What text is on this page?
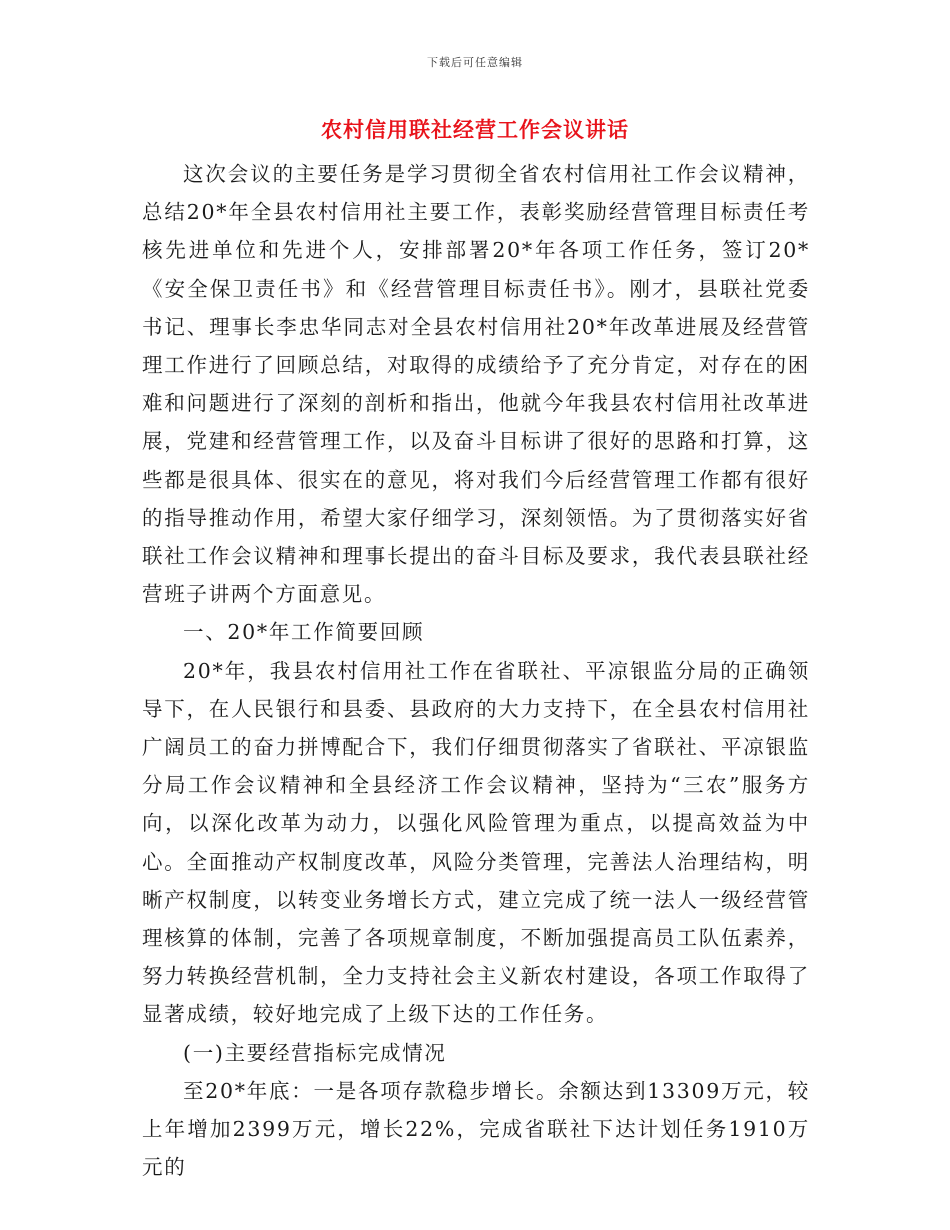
下载后可任意编辑
农村信用联社经营工作会议讲话

这次会议的主要任务是学习贯彻全省农村信用社工作会议精神，总结20*年全县农村信用社主要工作，表彰奖励经营管理目标责任考核先进单位和先进个人，安排部署20*年各项工作任务，签订20*《安全保卫责任书》和《经营管理目标责任书》。刚才，县联社党委书记、理事长李忠华同志对全县农村信用社20*年改革进展及经营管理工作进行了回顾总结，对取得的成绩给予了充分肯定，对存在的困难和问题进行了深刻的剖析和指出，他就今年我县农村信用社改革进展，党建和经营管理工作，以及奋斗目标讲了很好的思路和打算，这些都是很具体、很实在的意见，将对我们今后经营管理工作都有很好的指导推动作用，希望大家仔细学习，深刻领悟。为了贯彻落实好省联社工作会议精神和理事长提出的奋斗目标及要求，我代表县联社经营班子讲两个方面意见。

一、20*年工作简要回顾

20*年，我县农村信用社工作在省联社、平凉银监分局的正确领导下，在人民银行和县委、县政府的大力支持下，在全县农村信用社广阔员工的奋力拼博配合下，我们仔细贯彻落实了省联社、平凉银监分局工作会议精神和全县经济工作会议精神，坚持为“三农”服务方向，以深化改革为动力，以强化风险管理为重点，以提高效益为中心。全面推动产权制度改革，风险分类管理，完善法人治理结构，明晰产权制度，以转变业务增长方式，建立完成了统一法人一级经营管理核算的体制，完善了各项规章制度，不断加强提高员工队伍素养，努力转换经营机制，全力支持社会主义新农村建设，各项工作取得了显著成绩，较好地完成了上级下达的工作任务。

(一)主要经营指标完成情况

至20*年底：一是各项存款稳步增长。余额达到13309万元，较上年增加2399万元，增长22%，完成省联社下达计划任务1910万元的
